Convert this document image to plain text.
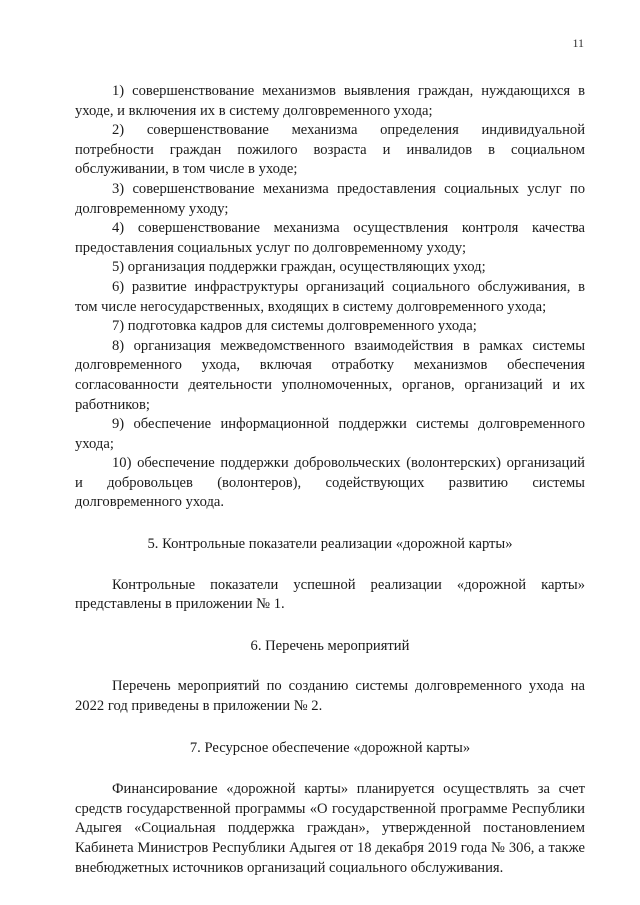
11

1) совершенствование механизмов выявления граждан, нуждающихся в уходе, и включения их в систему долговременного ухода;

2) совершенствование механизма определения индивидуальной потребности граждан пожилого возраста и инвалидов в социальном обслуживании, в том числе в уходе;

3) совершенствование механизма предоставления социальных услуг по долговременному уходу;

4) совершенствование механизма осуществления контроля качества предоставления социальных услуг по долговременному уходу;

5) организация поддержки граждан, осуществляющих уход;

6) развитие инфраструктуры организаций социального обслуживания, в том числе негосударственных, входящих в систему долговременного ухода;

7) подготовка кадров для системы долговременного ухода;

8) организация межведомственного взаимодействия в рамках системы долговременного ухода, включая отработку механизмов обеспечения согласованности деятельности уполномоченных, органов, организаций и их работников;

9) обеспечение информационной поддержки системы долговременного ухода;

10) обеспечение поддержки добровольческих (волонтерских) организаций и добровольцев (волонтеров), содействующих развитию системы долговременного ухода.

5. Контрольные показатели реализации «дорожной карты»

Контрольные показатели успешной реализации «дорожной карты» представлены в приложении № 1.

6. Перечень мероприятий

Перечень мероприятий по созданию системы долговременного ухода на 2022 год приведены в приложении № 2.

7. Ресурсное обеспечение «дорожной карты»

Финансирование «дорожной карты» планируется осуществлять за счет средств государственной программы «О государственной программе Республики Адыгея «Социальная поддержка граждан», утвержденной постановлением Кабинета Министров Республики Адыгея от 18 декабря 2019 года № 306, а также внебюджетных источников организаций социального обслуживания.
